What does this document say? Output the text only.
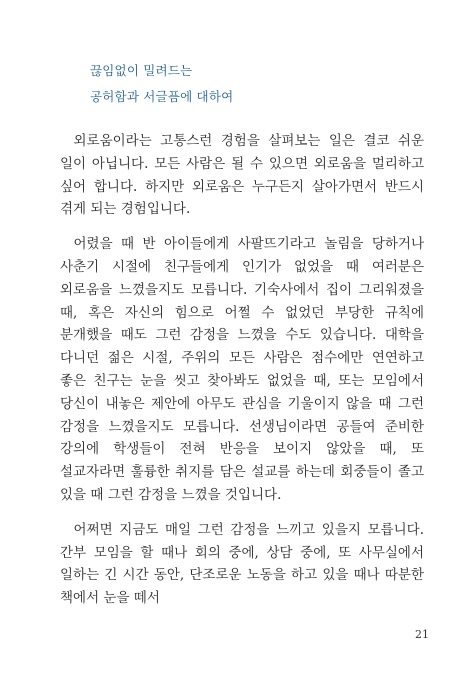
끊임없이 밀려드는
공허함과 서글픔에 대하여

외로움이라는 고통스런 경험을 살펴보는 일은 결코 쉬운 일이 아닙니다. 모든 사람은 될 수 있으면 외로움을 멀리하고 싶어 합니다. 하지만 외로움은 누구든지 살아가면서 반드시 겪게 되는 경험입니다.

어렸을 때 반 아이들에게 사팔뜨기라고 놀림을 당하거나 사춘기 시절에 친구들에게 인기가 없었을 때 여러분은 외로움을 느꼈을지도 모릅니다. 기숙사에서 집이 그리워졌을 때, 혹은 자신의 힘으로 어쩔 수 없었던 부당한 규칙에 분개했을 때도 그런 감정을 느꼈을 수도 있습니다. 대학을 다니던 젊은 시절, 주위의 모든 사람은 점수에만 연연하고 좋은 친구는 눈을 씻고 찾아봐도 없었을 때, 또는 모임에서 당신이 내놓은 제안에 아무도 관심을 기울이지 않을 때 그런 감정을 느꼈을지도 모릅니다. 선생님이라면 공들여 준비한 강의에 학생들이 전혀 반응을 보이지 않았을 때, 또 설교자라면 훌륭한 취지를 담은 설교를 하는데 회중들이 졸고 있을 때 그런 감정을 느꼈을 것입니다.

어쩌면 지금도 매일 그런 감정을 느끼고 있을지 모릅니다. 간부 모임을 할 때나 회의 중에, 상담 중에, 또 사무실에서 일하는 긴 시간 동안, 단조로운 노동을 하고 있을 때나 따분한 책에서 눈을 떼서

21
